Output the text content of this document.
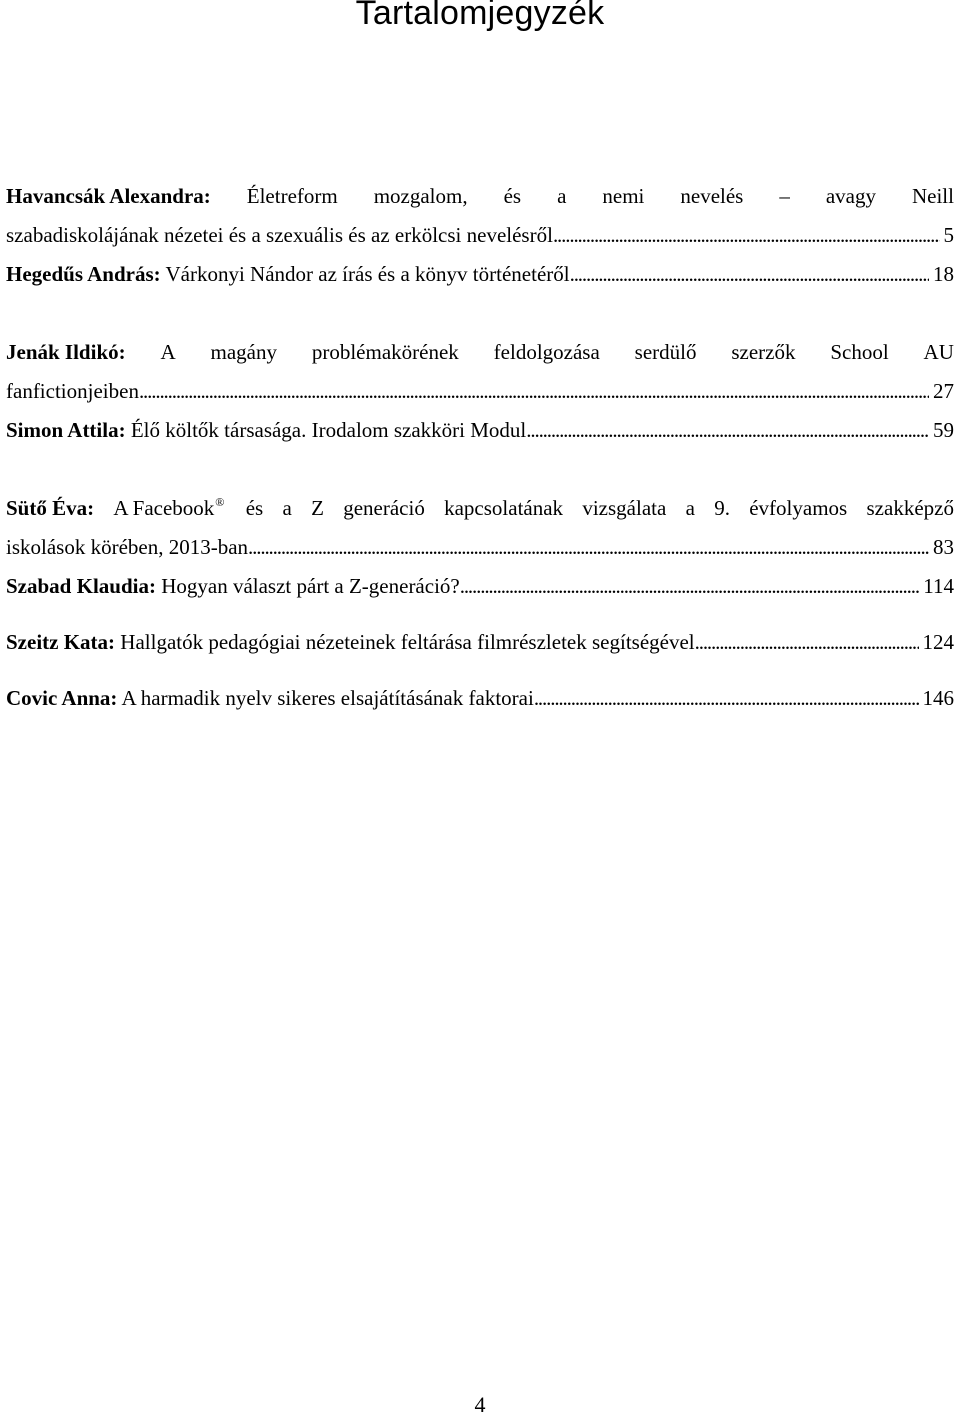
Tartalomjegyzék
Havancsák Alexandra: Életreform mozgalom, és a nemi nevelés – avagy Neill
szabadiskolájának nézetei és a szexuális és az erkölcsi nevelésről . . .	5
Hegedűs András: Várkonyi Nándor az írás és a könyv történetéről . . .	18
Jenák Ildikó: A magány problémakörének feldolgozása serdülő szerzők School AU
fanfictionjeiben . . .	27
Simon Attila: Élő költők társasága. Irodalom szakköri Modul . . .	59
Sütő Éva: A Facebook® és a Z generáció kapcsolatának vizsgálata a 9. évfolyamos szakképző
iskolások körében, 2013-ban . . .	83
Szabad Klaudia: Hogyan választ párt a Z-generáció? . . .	114
Szeitz Kata: Hallgatók pedagógiai nézeteinek feltárása filmrészletek segítségével . . .	124
Covic Anna: A harmadik nyelv sikeres elsajátításának faktorai . . .	146
4
